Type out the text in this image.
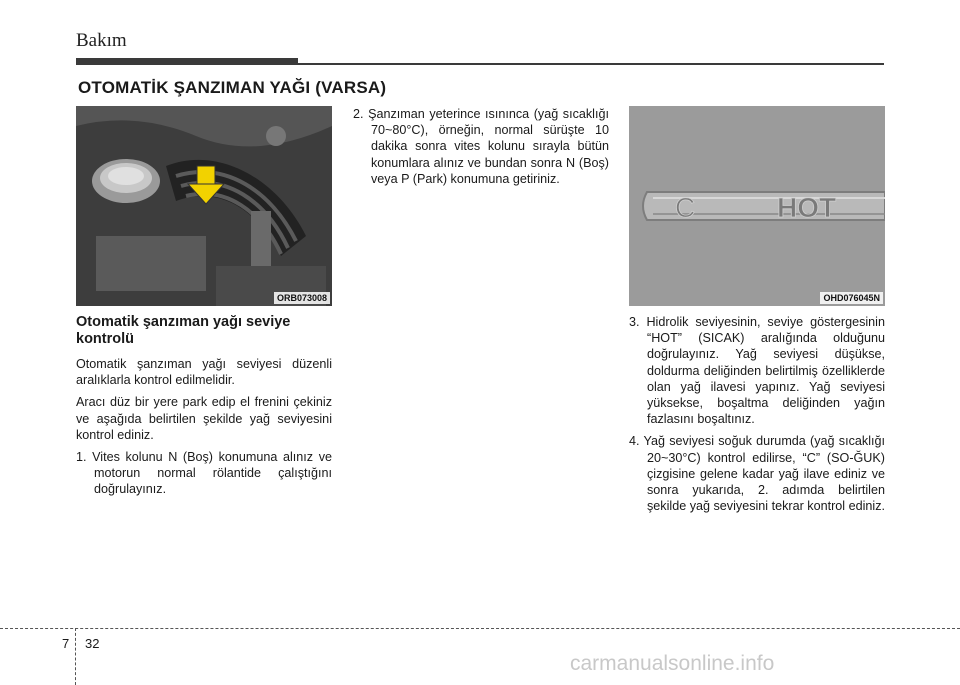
Bakım
OTOMATİK ŞANZIMAN YAĞI (VARSA)
ORB073008
C	HOT
OHD076045N
Otomatik şanzıman yağı seviye kontrolü

Otomatik şanzıman yağı seviyesi düzenli aralıklarla kontrol edilmelidir.

Aracı düz bir yere park edip el frenini çekiniz ve aşağıda belirtilen şekilde yağ seviyesini kontrol ediniz.

1. Vites kolunu N (Boş) konumuna alınız ve motorun normal rölantide çalıştığını doğrulayınız.

2. Şanzıman yeterince ısınınca (yağ sıcaklığı 70~80°C), örneğin, normal sürüşte 10 dakika sonra vites kolunu sırayla bütün konumlara alınız ve bundan sonra N (Boş) veya P (Park) konumuna getiriniz.

3. Hidrolik seviyesinin, seviye göstergesinin “HOT” (SICAK) aralığında olduğunu doğrulayınız. Yağ seviyesi düşükse, doldurma deliğinden belirtilmiş özelliklerde olan yağ ilavesi yapınız. Yağ seviyesi yüksekse, boşaltma deliğinden yağın fazlasını boşaltınız.

4. Yağ seviyesi soğuk durumda (yağ sıcaklığı 20~30°C) kontrol edilirse, “C” (SO-ĞUK) çizgisine gelene kadar yağ ilave ediniz ve sonra yukarıda, 2. adımda belirtilen şekilde yağ seviyesini tekrar kontrol ediniz.

7 32
carmanualsonline.info
